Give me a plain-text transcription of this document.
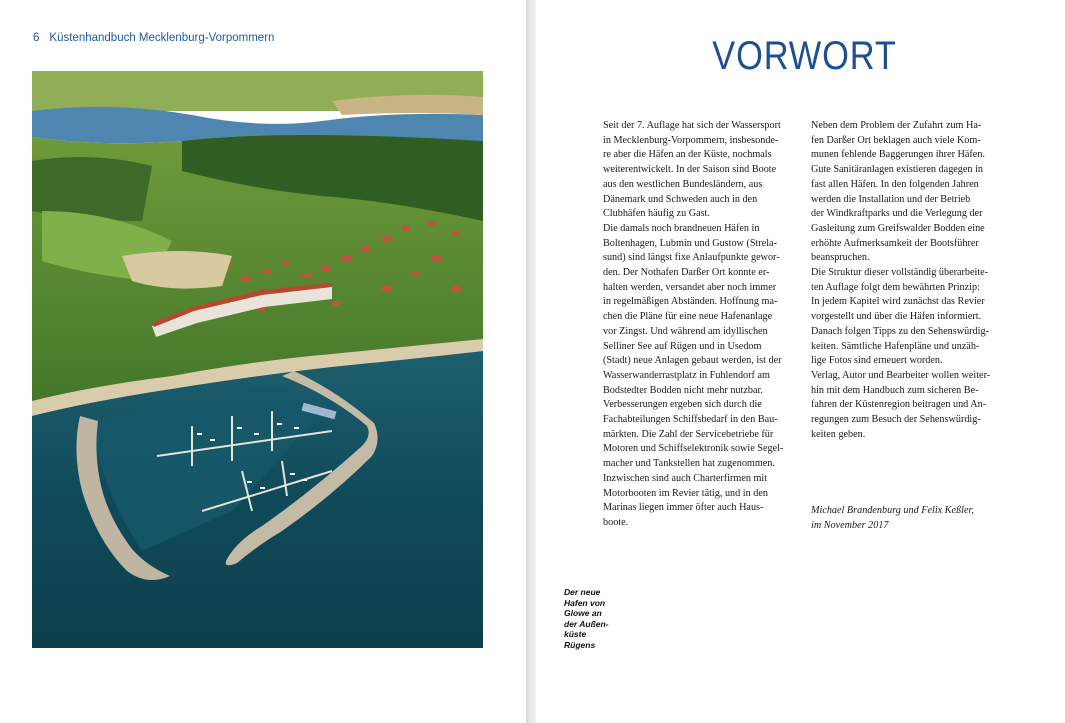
6 Küstenhandbuch Mecklenburg-Vorpommern	VORWORT

Seit der 7. Auflage hat sich der Wassersport
in Mecklenburg-Vorpommern, insbesonde-
re aber die Häfen an der Küste, nochmals
weiterentwickelt. In der Saison sind Boote
aus den westlichen Bundesländern, aus
Dänemark und Schweden auch in den
Clubhäfen häufig zu Gast.

Die damals noch brandneuen Häfen in
Boltenhagen, Lubmin und Gustow (Strela-
sund) sind längst fixe Anlaufpunkte gewor-
den. Der Nothafen Darßer Ort konnte er-
halten werden, versandet aber noch immer
in regelmäßigen Abständen. Hoffnung ma-
chen die Pläne für eine neue Hafenanlage
vor Zingst. Und während am idyllischen
Selliner See auf Rügen und in Usedom
(Stadt) neue Anlagen gebaut werden, ist der
Wasserwanderrastplatz in Fuhlendorf am
Bodstedter Bodden nicht mehr nutzbar.
Verbesserungen ergeben sich durch die
Fachabteilungen Schiffsbedarf in den Bau-
märkten. Die Zahl der Servicebetriebe für
Motoren und Schiffselektronik sowie Segel-
macher und Tankstellen hat zugenommen.
Inzwischen sind auch Charterfirmen mit
Motorbooten im Revier tätig, und in den
Marinas liegen immer öfter auch Haus-
boote.

Neben dem Problem der Zufahrt zum Ha-
fen Darßer Ort beklagen auch viele Kom-
munen fehlende Baggerungen ihrer Häfen.
Gute Sanitäranlagen existieren dagegen in
fast allen Häfen. In den folgenden Jahren
werden die Installation und der Betrieb
der Windkraftparks und die Verlegung der
Gasleitung zum Greifswalder Bodden eine
erhöhte Aufmerksamkeit der Bootsführer
beanspruchen.

Die Struktur dieser vollständig überarbeite-
ten Auflage folgt dem bewährten Prinzip:
In jedem Kapitel wird zunächst das Revier
vorgestellt und über die Häfen informiert.
Danach folgen Tipps zu den Sehenswürdig-
keiten. Sämtliche Hafenpläne und unzäh-
lige Fotos sind erneuert worden.

Verlag, Autor und Bearbeiter wollen weiter-
hin mit dem Handbuch zum sicheren Be-
fahren der Küstenregion beitragen und An-
regungen zum Besuch der Sehenswürdig-
keiten geben.

Michael Brandenburg und Felix Keßler,
im November 2017
Der neue
Hafen von
Glowe an
der Außen-
küste
Rügens
